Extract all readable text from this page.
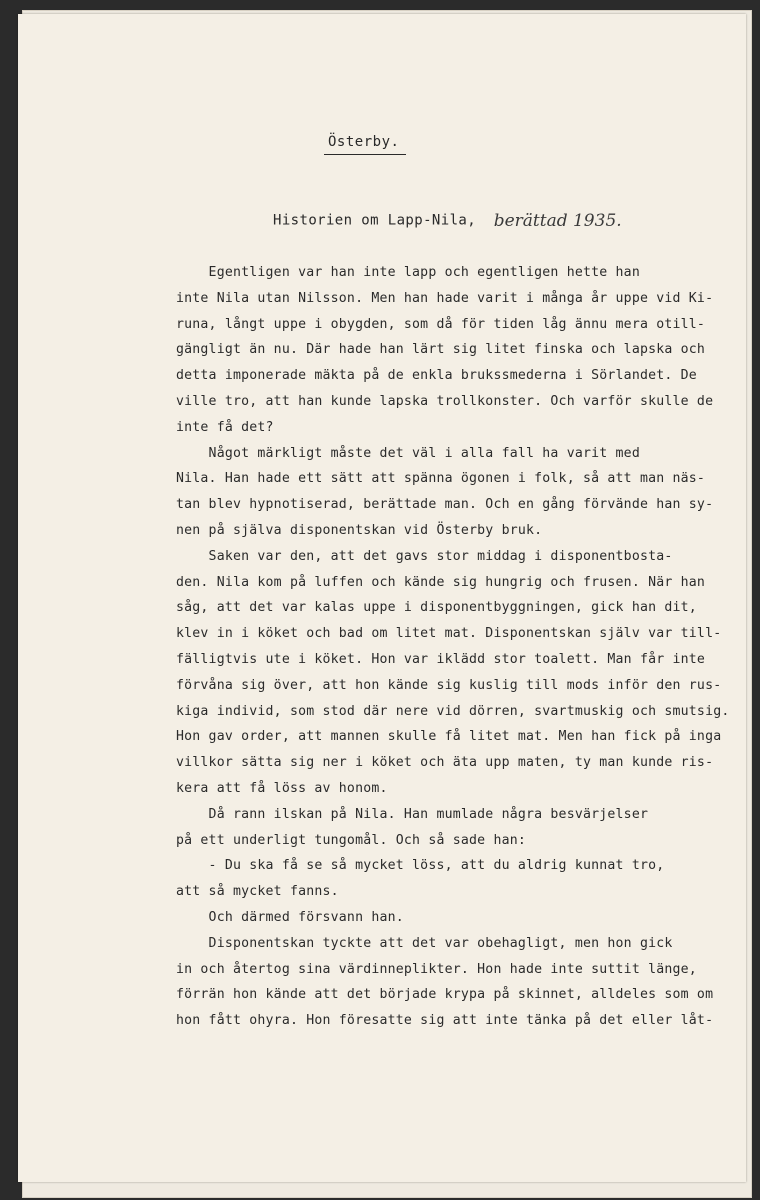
Österby.
Historien om Lapp-Nila, berättad 1935.
Egentligen var han inte lapp och egentligen hette han
inte Nila utan Nilsson. Men han hade varit i många år uppe vid Ki-
runa, långt uppe i obygden, som då för tiden låg ännu mera otill-
gängligt än nu. Där hade han lärt sig litet finska och lapska och
detta imponerade mäkta på de enkla brukssmederna i Sörlandet. De
ville tro, att han kunde lapska trollkonster. Och varför skulle de
inte få det?
Något märkligt måste det väl i alla fall ha varit med
Nila. Han hade ett sätt att spänna ögonen i folk, så att man näs-
tan blev hypnotiserad, berättade man. Och en gång förvände han sy-
nen på själva disponentskan vid Österby bruk.
Saken var den, att det gavs stor middag i disponentbosta-
den. Nila kom på luffen och kände sig hungrig och frusen. När han
såg, att det var kalas uppe i disponentbyggningen, gick han dit,
klev in i köket och bad om litet mat. Disponentskan själv var till-
fälligtvis ute i köket. Hon var iklädd stor toalett. Man får inte
förvåna sig över, att hon kände sig kuslig till mods inför den rus-
kiga individ, som stod där nere vid dörren, svartmuskig och smutsig.
Hon gav order, att mannen skulle få litet mat. Men han fick på inga
villkor sätta sig ner i köket och äta upp maten, ty man kunde ris-
kera att få löss av honom.
Då rann ilskan på Nila. Han mumlade några besvärjelser
på ett underligt tungomål. Och så sade han:
- Du ska få se så mycket löss, att du aldrig kunnat tro,
att så mycket fanns.
Och därmed försvann han.
Disponentskan tyckte att det var obehagligt, men hon gick
in och återtog sina värdinneplikter. Hon hade inte suttit länge,
förrän hon kände att det började krypa på skinnet, alldeles som om
hon fått ohyra. Hon föresatte sig att inte tänka på det eller låt-
